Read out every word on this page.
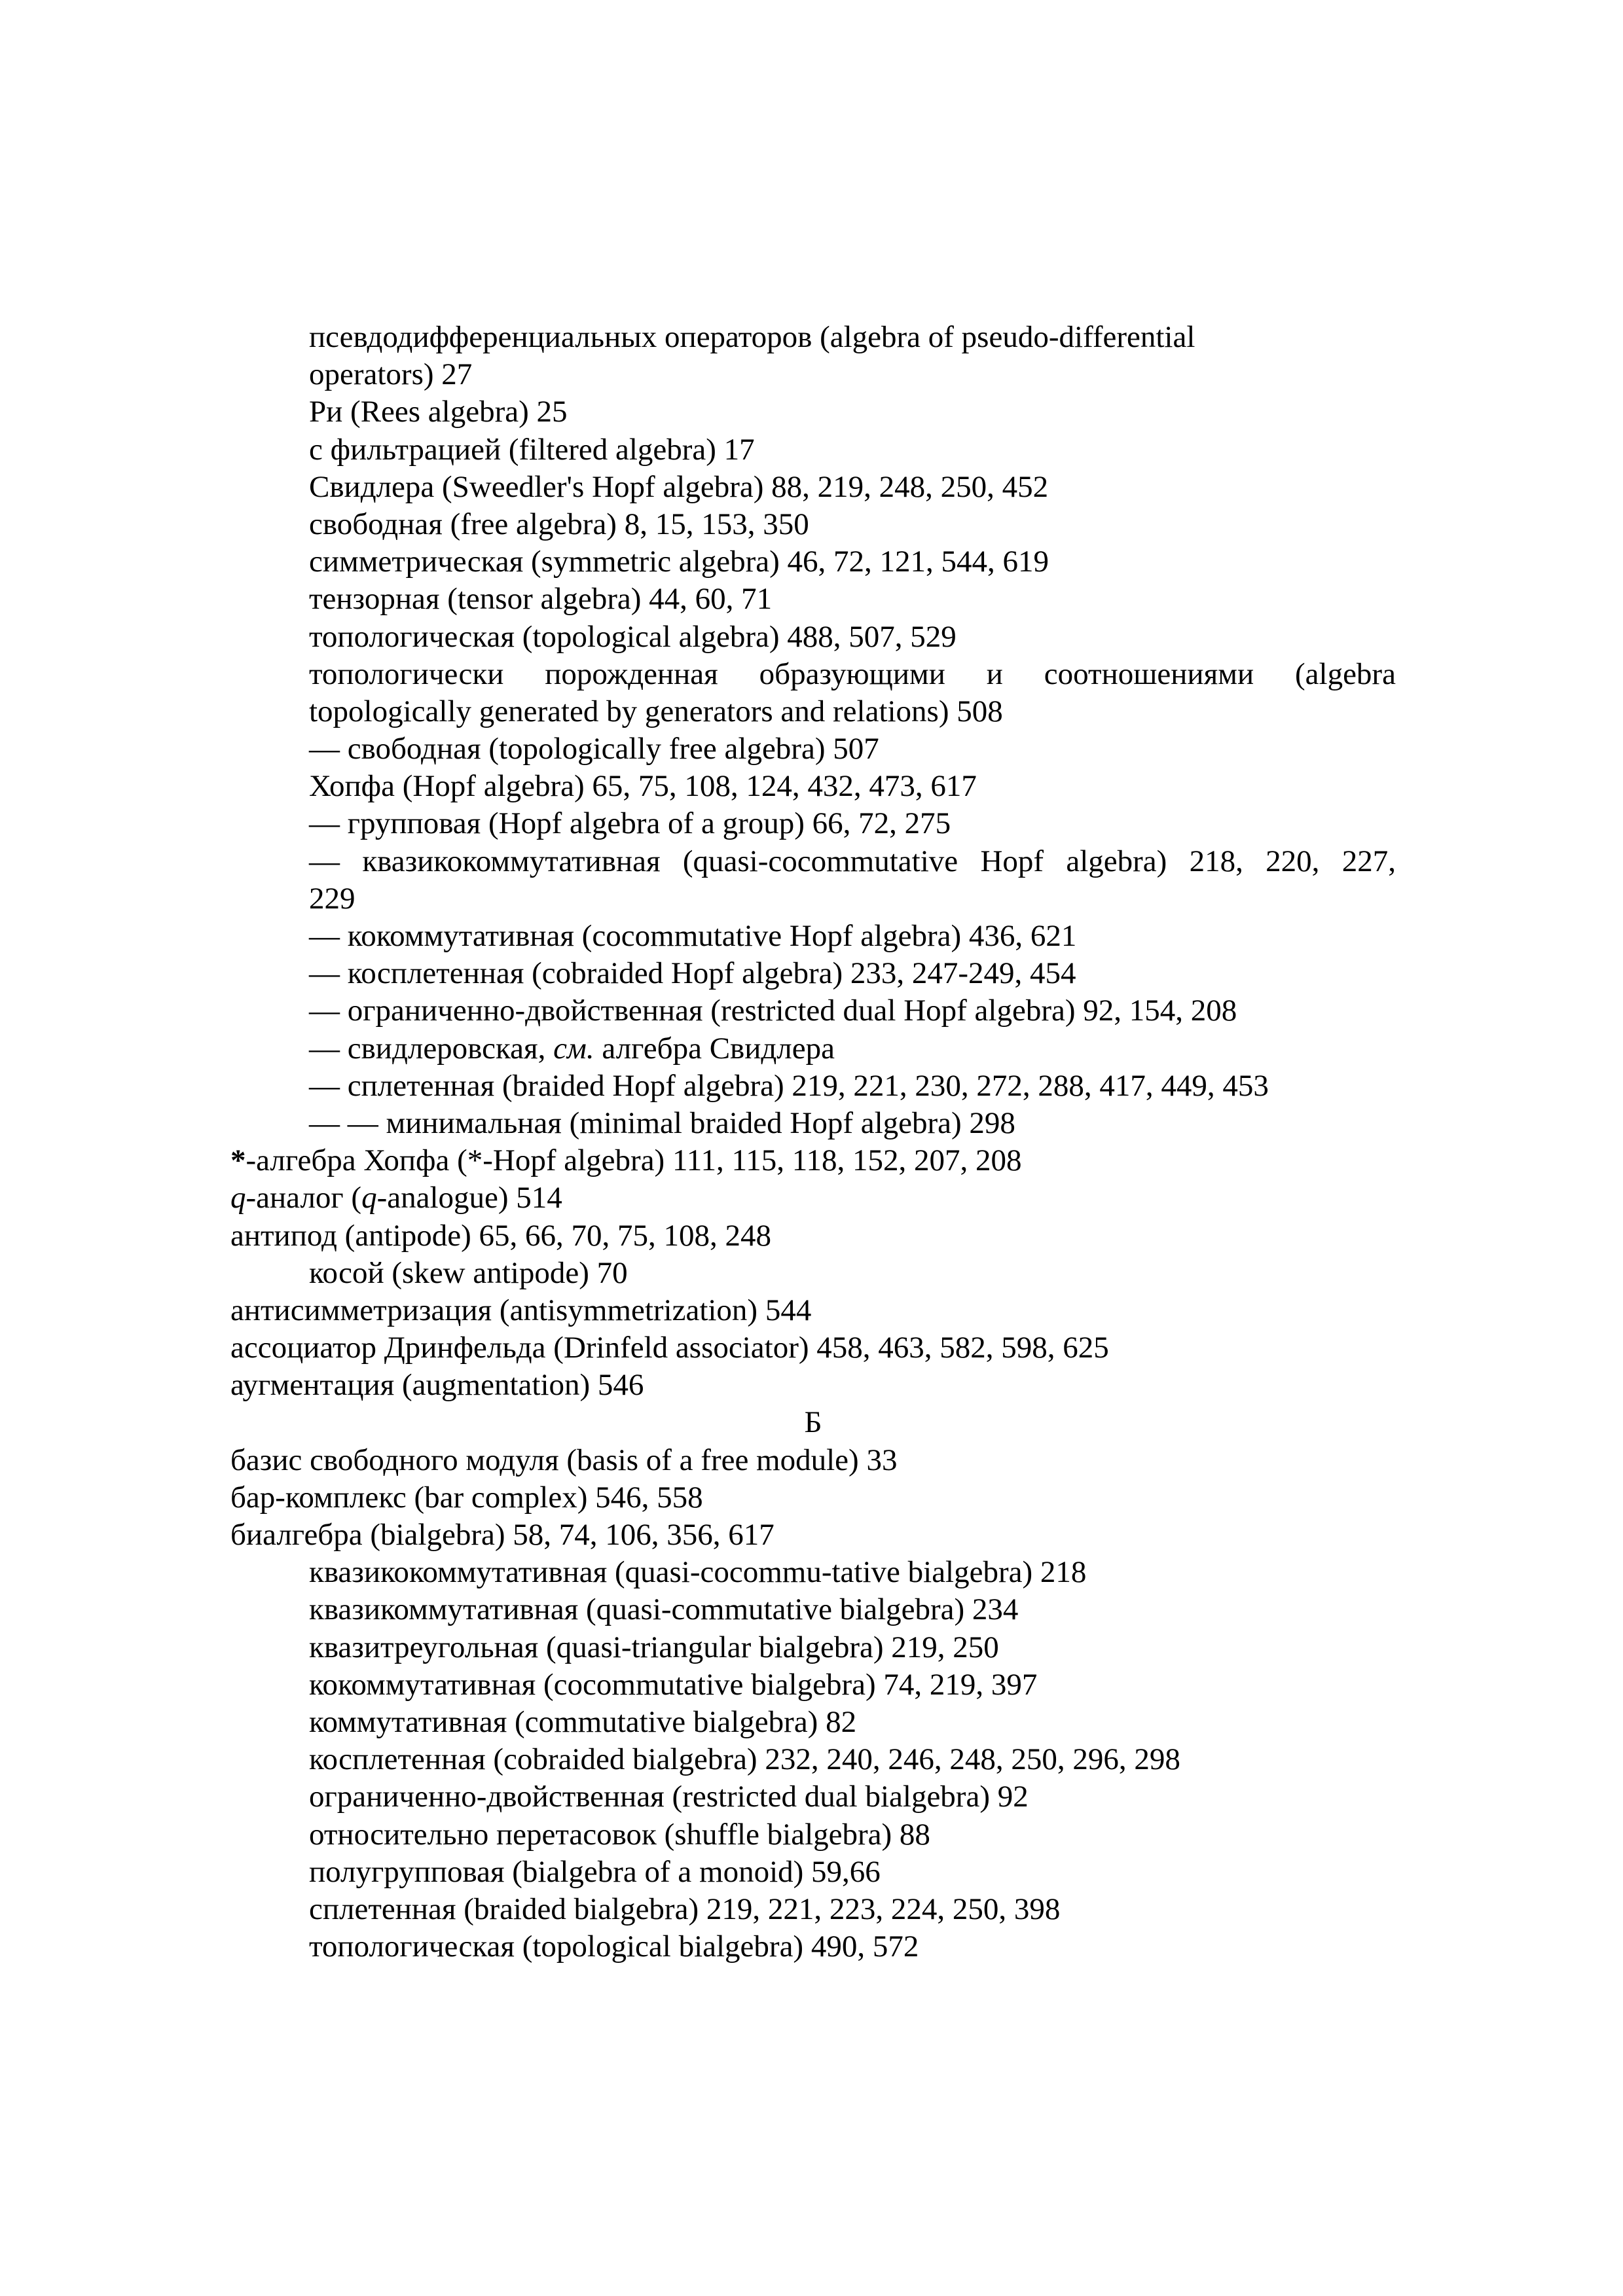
псевдодифференциальных операторов (algebra of pseudo-differential
operators) 27
Ри (Rees algebra) 25
с фильтрацией (filtered algebra) 17
Свидлера (Sweedler's Hopf algebra) 88, 219, 248, 250, 452
свободная (free algebra) 8, 15, 153, 350
симметрическая (symmetric algebra) 46, 72, 121, 544, 619
тензорная (tensor algebra) 44, 60, 71
топологическая (topological algebra) 488, 507, 529
топологически порожденная образующими и соотношениями (algebra
topologically generated by generators and relations) 508
— свободная (topologically free algebra) 507
Хопфа (Hopf algebra) 65, 75, 108, 124, 432, 473, 617
— групповая (Hopf algebra of a group) 66, 72, 275
— квазикокоммутативная (quasi-cocommutative Hopf algebra) 218, 220, 227,
229
— кокоммутативная (cocommutative Hopf algebra) 436, 621
— косплетенная (cobraided Hopf algebra) 233, 247-249, 454
— ограниченно-двойственная (restricted dual Hopf algebra) 92, 154, 208
— свидлеровская, см. алгебра Свидлера
— сплетенная (braided Hopf algebra) 219, 221, 230, 272, 288, 417, 449, 453
— — минимальная (minimal braided Hopf algebra) 298
*-алгебра Хопфа (*-Hopf algebra) 111, 115, 118, 152, 207, 208
q-аналог (q-analogue) 514
антипод (antipode) 65, 66, 70, 75, 108, 248
косой (skew antipode) 70
антисимметризация (antisymmetrization) 544
ассоциатор Дринфельда (Drinfeld associator) 458, 463, 582, 598, 625
аугментация (augmentation) 546
Б
базис свободного модуля (basis of a free module) 33
бар-комплекс (bar complex) 546, 558
биалгебра (bialgebra) 58, 74, 106, 356, 617
квазикокоммутативная (quasi-cocommu-tative bialgebra) 218
квазикоммутативная (quasi-commutative bialgebra) 234
квазитреугольная (quasi-triangular bialgebra) 219, 250
кокоммутативная (cocommutative bialgebra) 74, 219, 397
коммутативная (commutative bialgebra) 82
косплетенная (cobraided bialgebra) 232, 240, 246, 248, 250, 296, 298
ограниченно-двойственная (restricted dual bialgebra) 92
относительно перетасовок (shuffle bialgebra) 88
полугрупповая (bialgebra of a monoid) 59,66
сплетенная (braided bialgebra) 219, 221, 223, 224, 250, 398
топологическая (topological bialgebra) 490, 572
